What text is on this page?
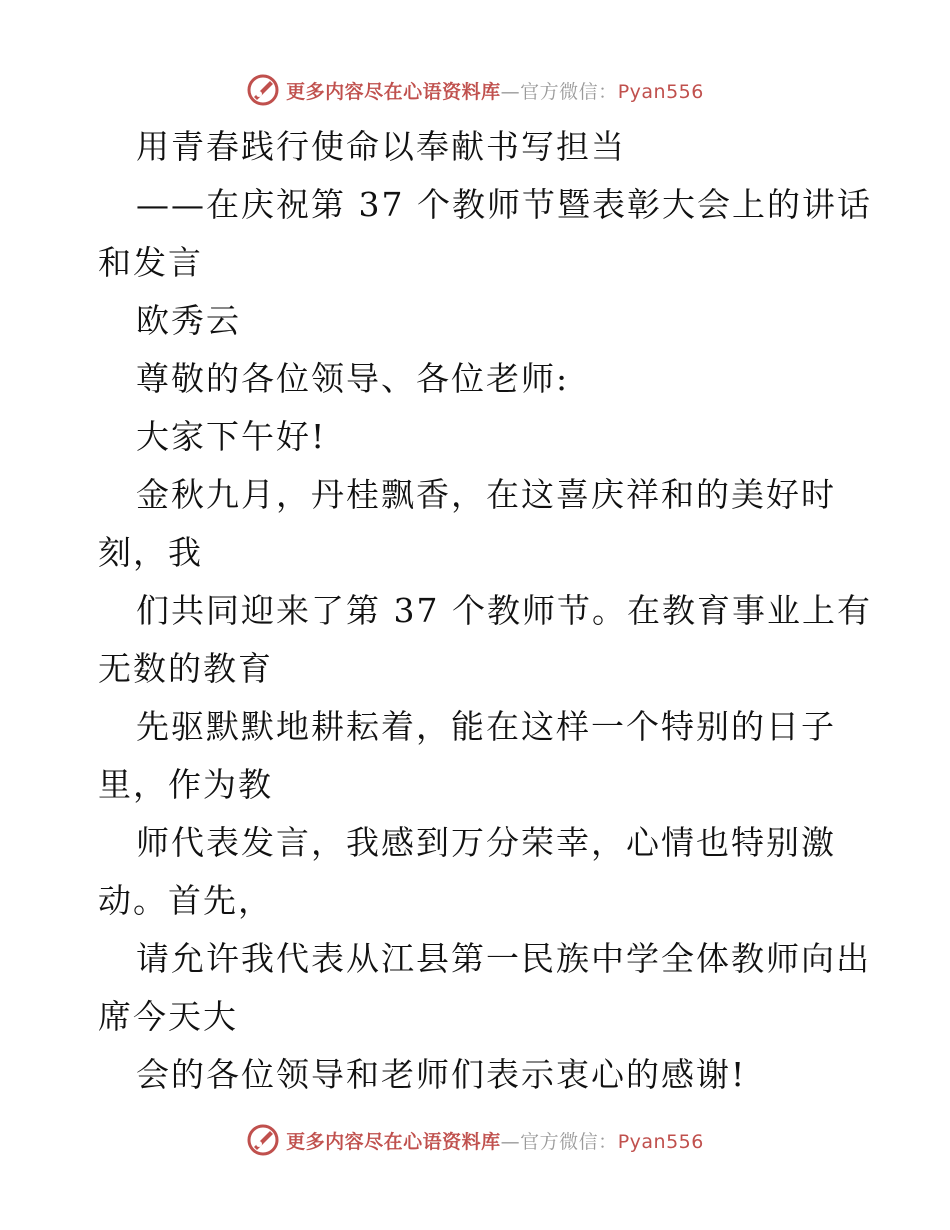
更多内容尽在心语资料库—官方微信：Pyan556
用青春践行使命以奉献书写担当
——在庆祝第 37 个教师节暨表彰大会上的讲话
和发言
欧秀云
尊敬的各位领导、各位老师:
大家下午好!
金秋九月，丹桂飘香，在这喜庆祥和的美好时
刻，我
们共同迎来了第 37 个教师节。在教育事业上有
无数的教育
先驱默默地耕耘着，能在这样一个特别的日子
里，作为教
师代表发言，我感到万分荣幸，心情也特别激
动。首先，
请允许我代表从江县第一民族中学全体教师向出
席今天大
会的各位领导和老师们表示衷心的感谢!
更多内容尽在心语资料库—官方微信：Pyan556
